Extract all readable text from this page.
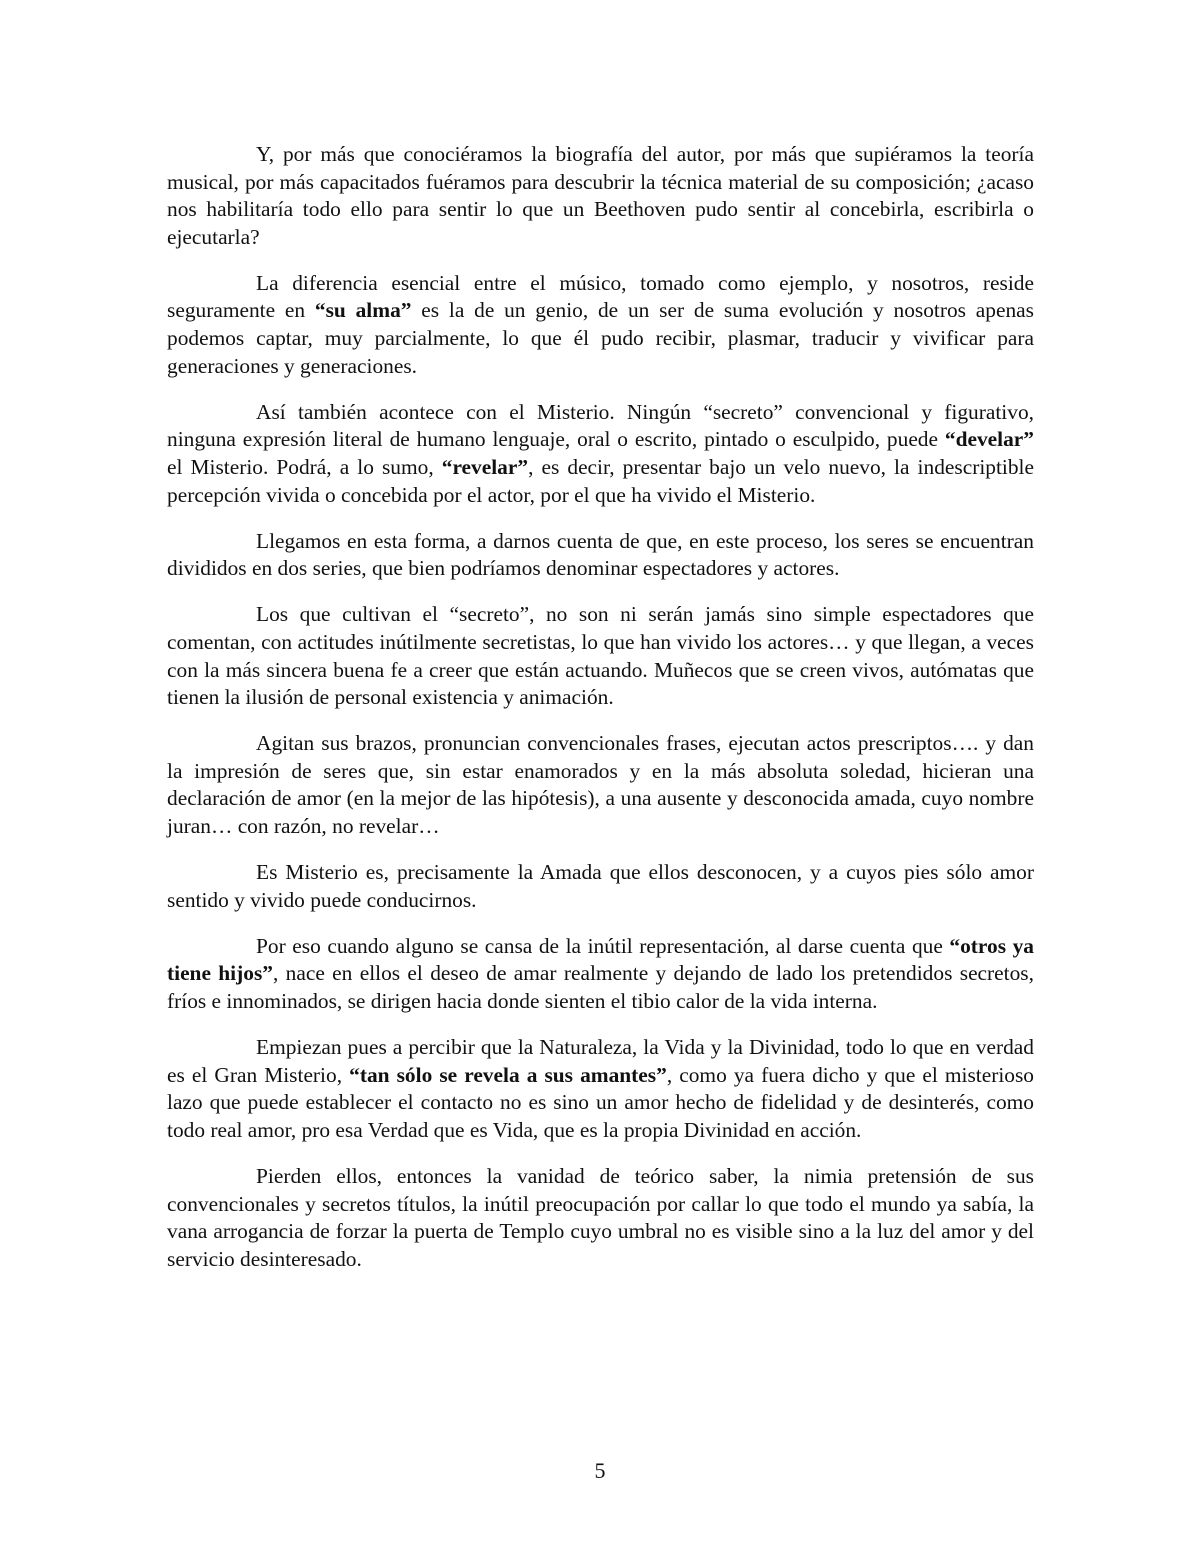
Y, por más que conociéramos la biografía del autor, por más que supiéramos la teoría musical, por más capacitados fuéramos para descubrir la técnica material de su composición; ¿acaso nos habilitaría todo ello para sentir lo que un Beethoven pudo sentir al concebirla, escribirla o ejecutarla?

La diferencia esencial entre el músico, tomado como ejemplo, y nosotros, reside seguramente en “su alma” es la de un genio, de un ser de suma evolución y nosotros apenas podemos captar, muy parcialmente, lo que él pudo recibir, plasmar, traducir y vivificar para generaciones y generaciones.

Así también acontece con el Misterio. Ningún “secreto” convencional y figurativo, ninguna expresión literal de humano lenguaje, oral o escrito, pintado o esculpido, puede “develar” el Misterio. Podrá, a lo sumo, “revelar”, es decir, presentar bajo un velo nuevo, la indescriptible percepción vivida o concebida por el actor, por el que ha vivido el Misterio.

Llegamos en esta forma, a darnos cuenta de que, en este proceso, los seres se encuentran divididos en dos series, que bien podríamos denominar espectadores y actores.

Los que cultivan el “secreto”, no son ni serán jamás sino simple espectadores que comentan, con actitudes inútilmente secretistas, lo que han vivido los actores… y que llegan, a veces con la más sincera buena fe a creer que están actuando. Muñecos que se creen vivos, autómatas que tienen la ilusión de personal existencia y animación.

Agitan sus brazos, pronuncian convencionales frases, ejecutan actos prescriptos…. y dan la impresión de seres que, sin estar enamorados y en la más absoluta soledad, hicieran una declaración de amor (en la mejor de las hipótesis), a una ausente y desconocida amada, cuyo nombre juran… con razón, no revelar…

Es Misterio es, precisamente la Amada que ellos desconocen, y a cuyos pies sólo amor sentido y vivido puede conducirnos.

Por eso cuando alguno se cansa de la inútil representación, al darse cuenta que “otros ya tiene hijos”, nace en ellos el deseo de amar realmente y dejando de lado los pretendidos secretos, fríos e innominados, se dirigen hacia donde sienten el tibio calor de la vida interna.

Empiezan pues a percibir que la Naturaleza, la Vida y la Divinidad, todo lo que en verdad es el Gran Misterio, “tan sólo se revela a sus amantes”, como ya fuera dicho y que el misterioso lazo que puede establecer el contacto no es sino un amor hecho de fidelidad y de desinterés, como todo real amor, pro esa Verdad que es Vida, que es la propia Divinidad en acción.

Pierden ellos, entonces la vanidad de teórico saber, la nimia pretensión de sus convencionales y secretos títulos, la inútil preocupación por callar lo que todo el mundo ya sabía, la vana arrogancia de forzar la puerta de Templo cuyo umbral no es visible sino a la luz del amor y del servicio desinteresado.

5
